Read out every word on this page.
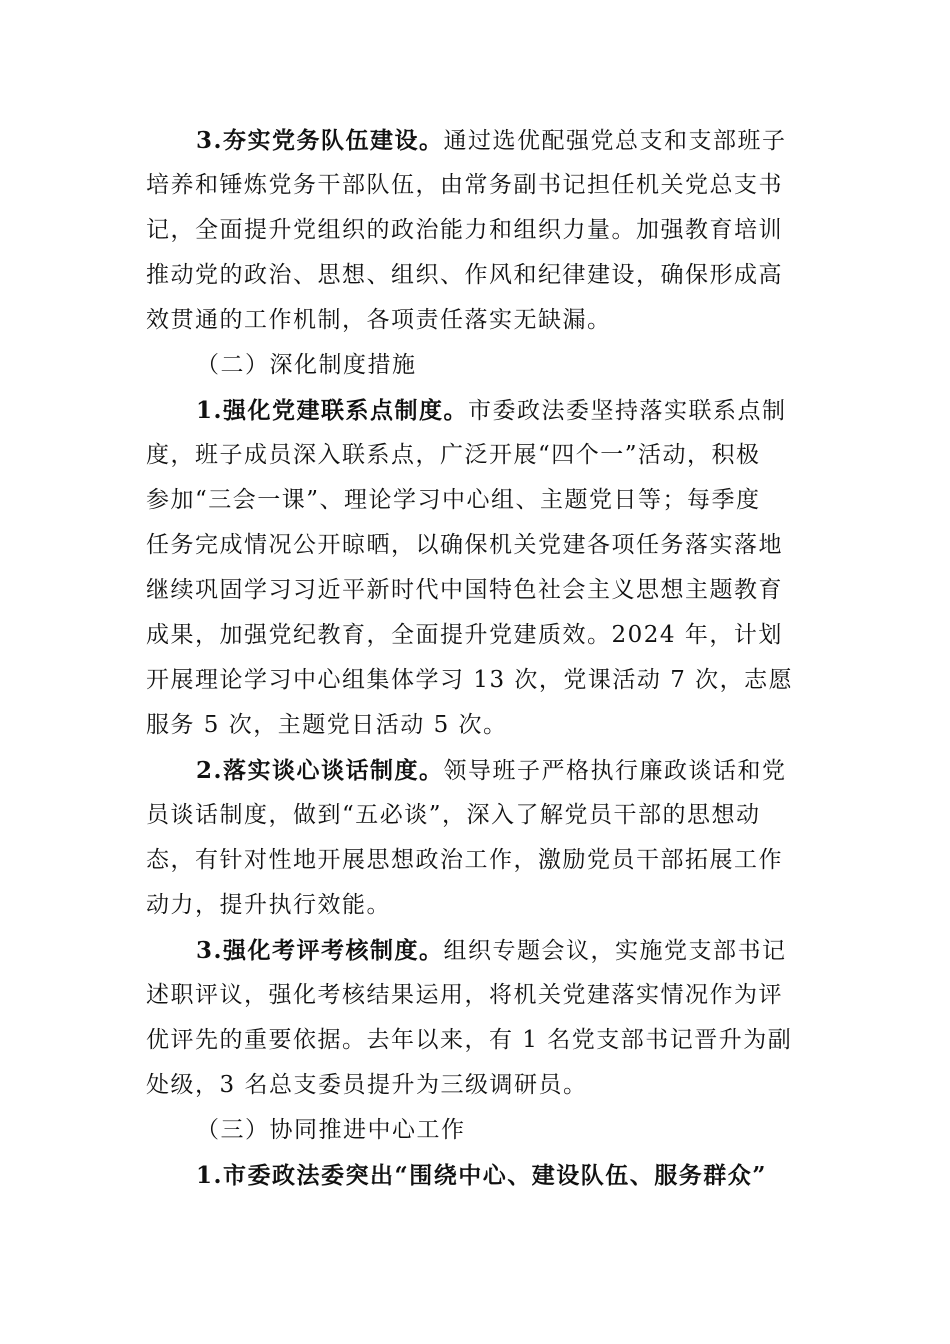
3.夯实党务队伍建设。通过选优配强党总支和支部班子
培养和锤炼党务干部队伍，由常务副书记担任机关党总支书
记，全面提升党组织的政治能力和组织力量。加强教育培训
推动党的政治、思想、组织、作风和纪律建设，确保形成高
效贯通的工作机制，各项责任落实无缺漏。
（二）深化制度措施
1.强化党建联系点制度。市委政法委坚持落实联系点制
度，班子成员深入联系点，广泛开展“四个一”活动，积极
参加“三会一课”、理论学习中心组、主题党日等；每季度
任务完成情况公开晾晒，以确保机关党建各项任务落实落地
继续巩固学习习近平新时代中国特色社会主义思想主题教育
成果，加强党纪教育，全面提升党建质效。2024 年，计划
开展理论学习中心组集体学习 13 次，党课活动 7 次，志愿
服务 5 次，主题党日活动 5 次。
2.落实谈心谈话制度。领导班子严格执行廉政谈话和党
员谈话制度，做到“五必谈”，深入了解党员干部的思想动
态，有针对性地开展思想政治工作，激励党员干部拓展工作
动力，提升执行效能。
3.强化考评考核制度。组织专题会议，实施党支部书记
述职评议，强化考核结果运用，将机关党建落实情况作为评
优评先的重要依据。去年以来，有 1 名党支部书记晋升为副
处级，3 名总支委员提升为三级调研员。
（三）协同推进中心工作
1.市委政法委突出“围绕中心、建设队伍、服务群众”
